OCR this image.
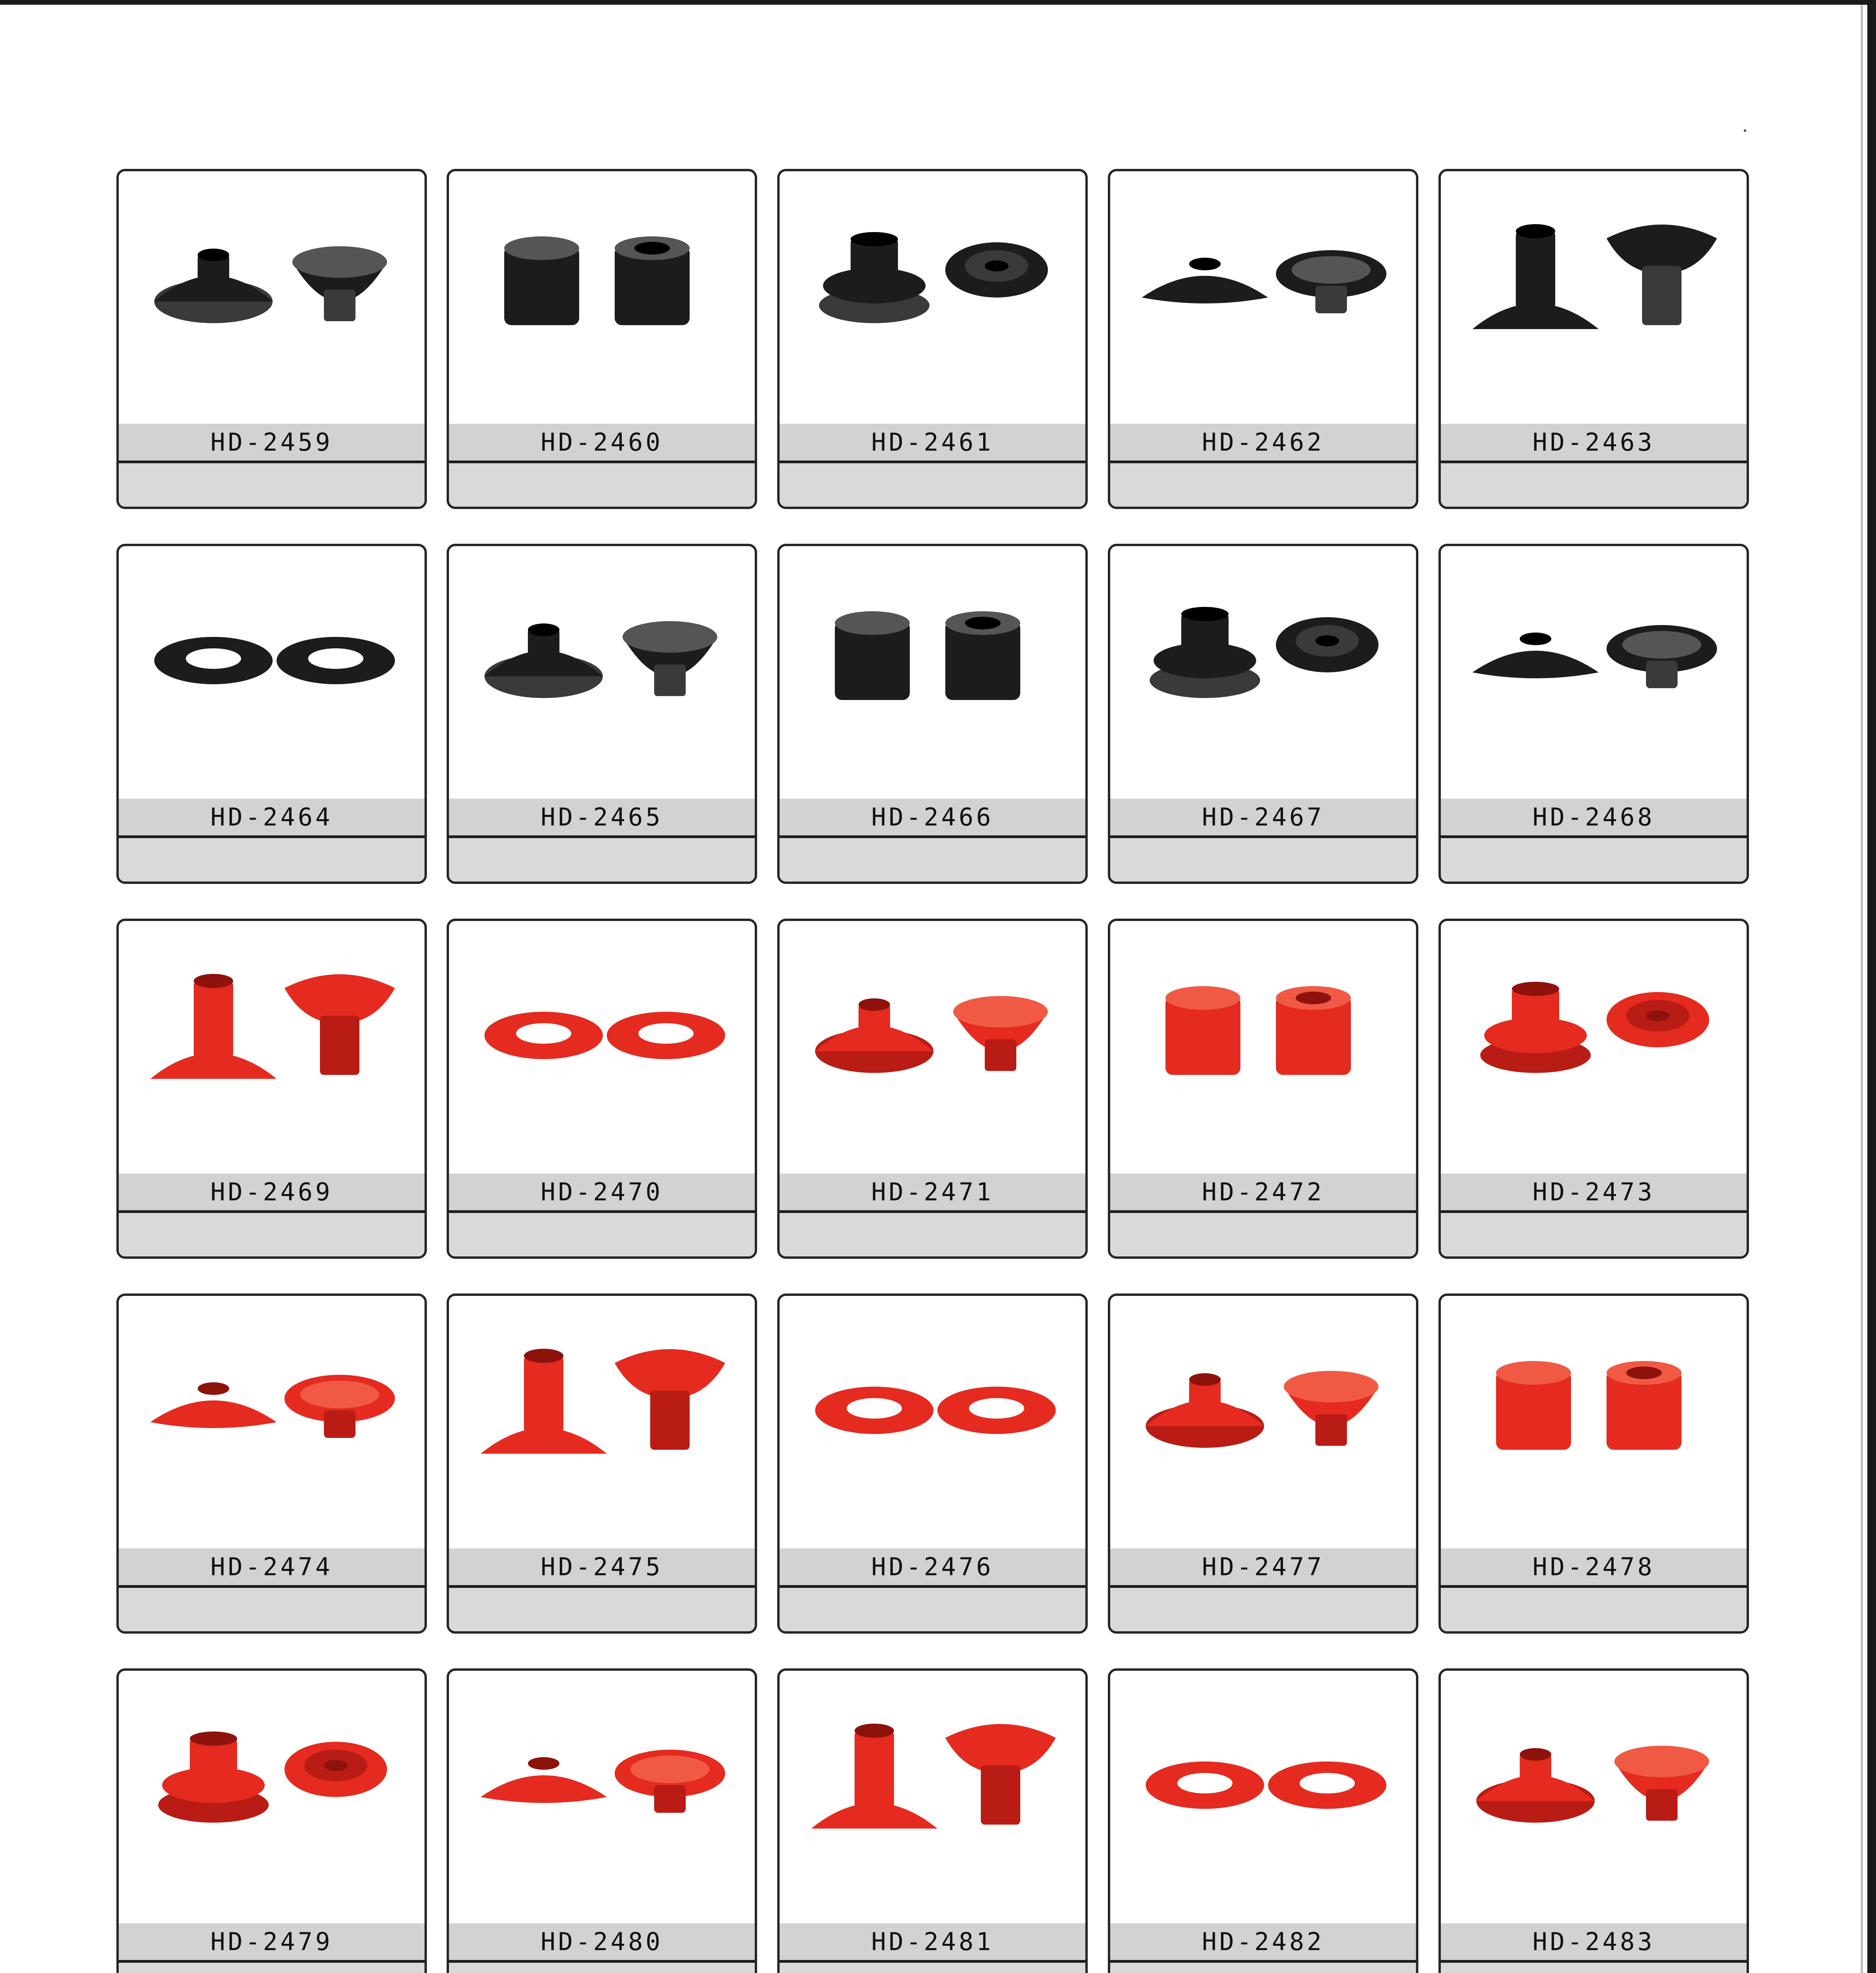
HD-2459	HD-2460	HD-2461	HD-2462	HD-2463
HD-2464	HD-2465	HD-2466	HD-2467	HD-2468
HD-2469	HD-2470	HD-2471	HD-2472	HD-2473
HD-2474	HD-2475	HD-2476	HD-2477	HD-2478
HD-2479	HD-2480	HD-2481	HD-2482	HD-2483
